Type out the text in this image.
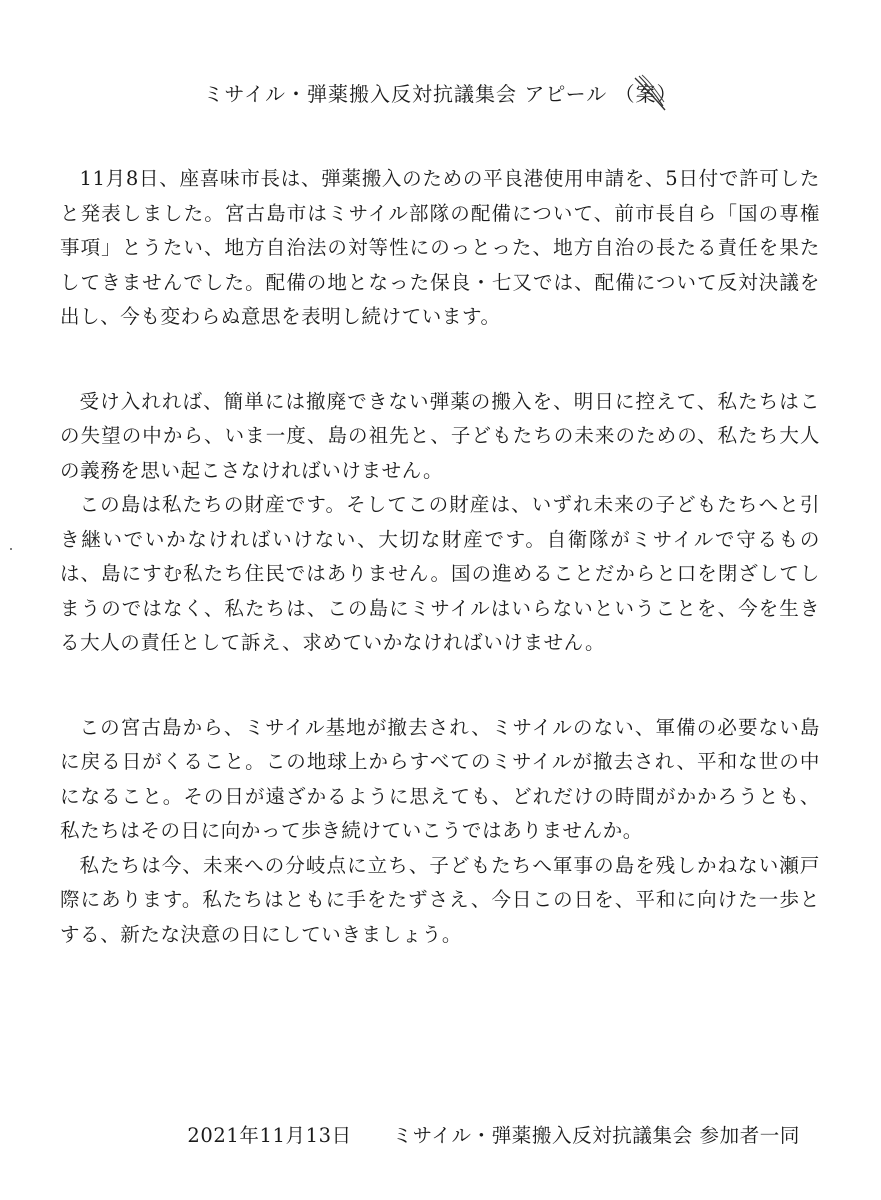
ミサイル・弾薬搬入反対抗議集会 アピール （案）

11月8日、座喜味市長は、弾薬搬入のための平良港使用申請を、5日付で許可したと発表しました。宮古島市はミサイル部隊の配備について、前市長自ら「国の専権事項」とうたい、地方自治法の対等性にのっとった、地方自治の長たる責任を果たしてきませんでした。配備の地となった保良・七又では、配備について反対決議を出し、今も変わらぬ意思を表明し続けています。

受け入れれば、簡単には撤廃できない弾薬の搬入を、明日に控えて、私たちはこの失望の中から、いま一度、島の祖先と、子どもたちの未来のための、私たち大人の義務を思い起こさなければいけません。

この島は私たちの財産です。そしてこの財産は、いずれ未来の子どもたちへと引き継いでいかなければいけない、大切な財産です。自衛隊がミサイルで守るものは、島にすむ私たち住民ではありません。国の進めることだからと口を閉ざしてしまうのではなく、私たちは、この島にミサイルはいらないということを、今を生きる大人の責任として訴え、求めていかなければいけません。

この宮古島から、ミサイル基地が撤去され、ミサイルのない、軍備の必要ない島に戻る日がくること。この地球上からすべてのミサイルが撤去され、平和な世の中になること。その日が遠ざかるように思えても、どれだけの時間がかかろうとも、私たちはその日に向かって歩き続けていこうではありませんか。

私たちは今、未来への分岐点に立ち、子どもたちへ軍事の島を残しかねない瀬戸際にあります。私たちはともに手をたずさえ、今日この日を、平和に向けた一歩とする、新たな決意の日にしていきましょう。

2021年11月13日 ミサイル・弾薬搬入反対抗議集会 参加者一同
